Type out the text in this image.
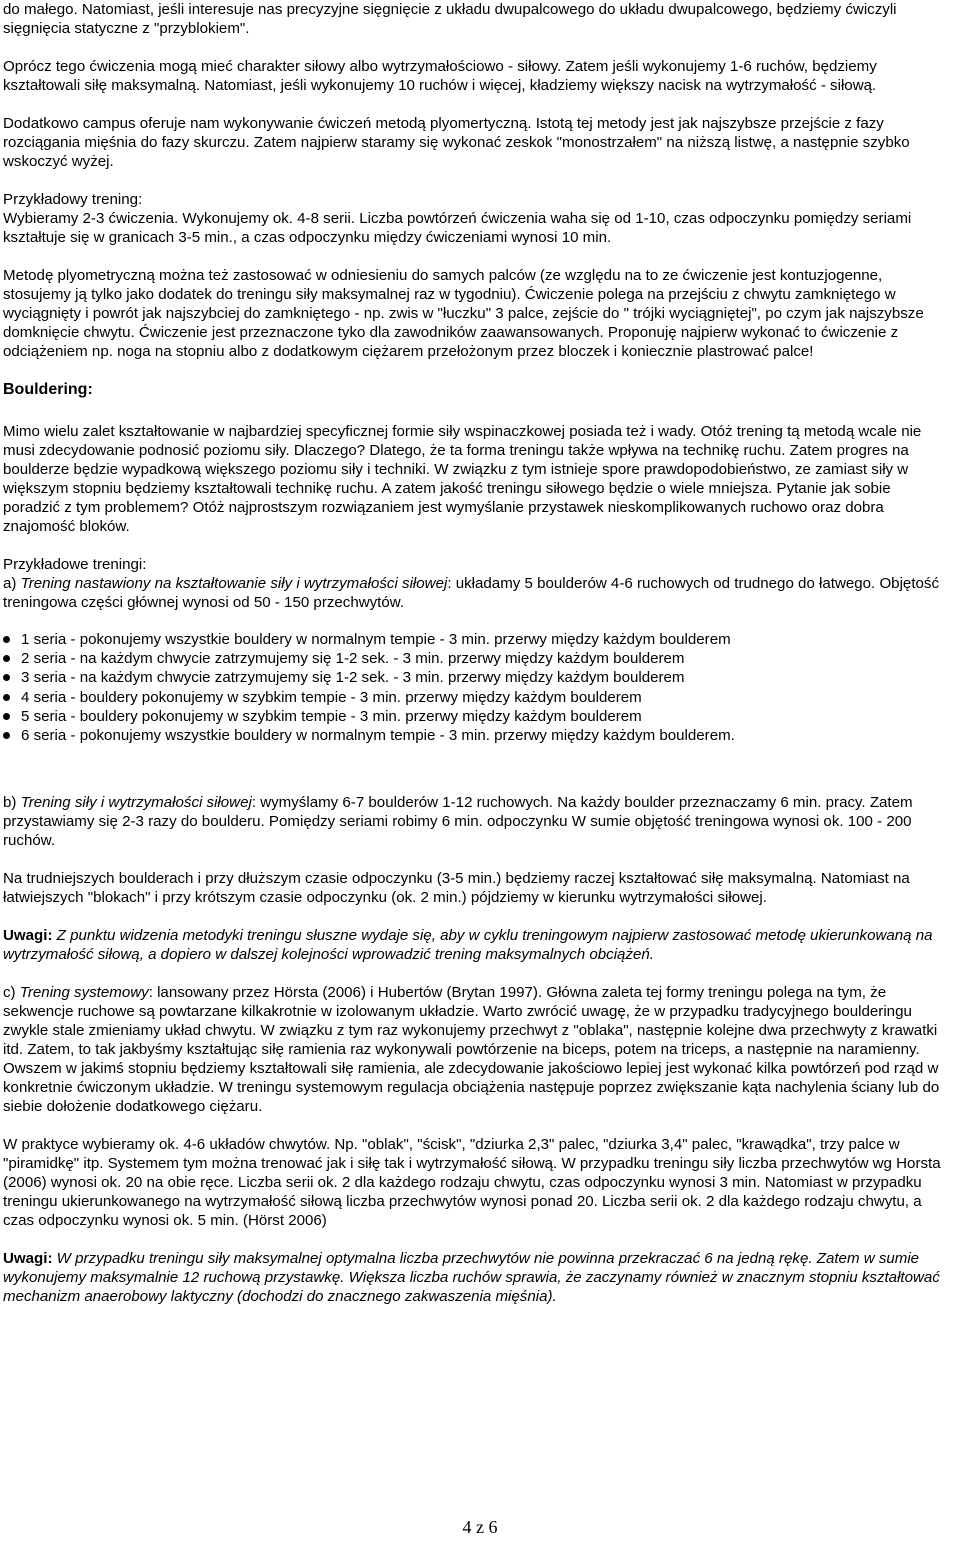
do małego. Natomiast, jeśli interesuje nas precyzyjne sięgnięcie z układu dwupalcowego do układu dwupalcowego, będziemy ćwiczyli sięgnięcia statyczne z "przyblokiem".

Oprócz tego ćwiczenia mogą mieć charakter siłowy albo wytrzymałościowo - siłowy. Zatem jeśli wykonujemy 1-6 ruchów, będziemy kształtowali siłę maksymalną. Natomiast, jeśli wykonujemy 10 ruchów i więcej, kładziemy większy nacisk na wytrzymałość - siłową.

Dodatkowo campus oferuje nam wykonywanie ćwiczeń metodą plyomertyczną. Istotą tej metody jest jak najszybsze przejście z fazy rozciągania mięśnia do fazy skurczu. Zatem najpierw staramy się wykonać zeskok "monostrzałem" na niższą listwę, a następnie szybko wskoczyć wyżej.

Przykładowy trening:

Wybieramy 2-3 ćwiczenia. Wykonujemy ok. 4-8 serii. Liczba powtórzeń ćwiczenia waha się od 1-10, czas odpoczynku pomiędzy seriami kształtuje się w granicach 3-5 min., a czas odpoczynku między ćwiczeniami wynosi 10 min.

Metodę plyometryczną można też zastosować w odniesieniu do samych palców (ze względu na to ze ćwiczenie jest kontuzjogenne, stosujemy ją tylko jako dodatek do treningu siły maksymalnej raz w tygodniu). Ćwiczenie polega na przejściu z chwytu zamkniętego w wyciągnięty i powrót jak najszybciej do zamkniętego - np. zwis w "łuczku" 3 palce, zejście do " trójki wyciągniętej", po czym jak najszybsze domknięcie chwytu. Ćwiczenie jest przeznaczone tyko dla zawodników zaawansowanych. Proponuję najpierw wykonać to ćwiczenie z odciążeniem np. noga na stopniu albo z dodatkowym ciężarem przełożonym przez bloczek i koniecznie plastrować palce!

Bouldering:

Mimo wielu zalet kształtowanie w najbardziej specyficznej formie siły wspinaczkowej posiada też i wady. Otóż trening tą metodą wcale nie musi zdecydowanie podnosić poziomu siły. Dlaczego? Dlatego, że ta forma treningu także wpływa na technikę ruchu. Zatem progres na boulderze będzie wypadkową większego poziomu siły i techniki. W związku z tym istnieje spore prawdopodobieństwo, ze zamiast siły w większym stopniu będziemy kształtowali technikę ruchu. A zatem jakość treningu siłowego będzie o wiele mniejsza. Pytanie jak sobie poradzić z tym problemem? Otóż najprostszym rozwiązaniem jest wymyślanie przystawek nieskomplikowanych ruchowo oraz dobra znajomość bloków.

Przykładowe treningi:

a) Trening nastawiony na kształtowanie siły i wytrzymałości siłowej: układamy 5 boulderów 4-6 ruchowych od trudnego do łatwego. Objętość treningowa części głównej wynosi od 50 - 150 przechwytów.

1 seria - pokonujemy wszystkie bouldery w normalnym tempie - 3 min. przerwy między każdym boulderem
2 seria - na każdym chwycie zatrzymujemy się 1-2 sek. - 3 min. przerwy między każdym boulderem
3 seria - na każdym chwycie zatrzymujemy się 1-2 sek. - 3 min. przerwy między każdym boulderem
4 seria - bouldery pokonujemy w szybkim tempie - 3 min. przerwy między każdym boulderem
5 seria - bouldery pokonujemy w szybkim tempie - 3 min. przerwy między każdym boulderem
6 seria - pokonujemy wszystkie bouldery w normalnym tempie - 3 min. przerwy między każdym boulderem.

b) Trening siły i wytrzymałości siłowej: wymyślamy 6-7 boulderów 1-12 ruchowych. Na każdy boulder przeznaczamy 6 min. pracy. Zatem przystawiamy się 2-3 razy do boulderu. Pomiędzy seriami robimy 6 min. odpoczynku W sumie objętość treningowa wynosi ok. 100 - 200 ruchów.

Na trudniejszych boulderach i przy dłuższym czasie odpoczynku (3-5 min.) będziemy raczej kształtować siłę maksymalną. Natomiast na łatwiejszych "blokach" i przy krótszym czasie odpoczynku (ok. 2 min.) pójdziemy w kierunku wytrzymałości siłowej.

Uwagi: Z punktu widzenia metodyki treningu słuszne wydaje się, aby w cyklu treningowym najpierw zastosować metodę ukierunkowaną na wytrzymałość siłową, a dopiero w dalszej kolejności wprowadzić trening maksymalnych obciążeń.

c) Trening systemowy: lansowany przez Hörsta (2006) i Hubertów (Brytan 1997). Główna zaleta tej formy treningu polega na tym, że sekwencje ruchowe są powtarzane kilkakrotnie w izolowanym układzie. Warto zwrócić uwagę, że w przypadku tradycyjnego boulderingu zwykle stale zmieniamy układ chwytu. W związku z tym raz wykonujemy przechwyt z "oblaka", następnie kolejne dwa przechwyty z krawatki itd. Zatem, to tak jakbyśmy kształtując siłę ramienia raz wykonywali powtórzenie na biceps, potem na triceps, a następnie na naramienny. Owszem w jakimś stopniu będziemy kształtowali siłę ramienia, ale zdecydowanie jakościowo lepiej jest wykonać kilka powtórzeń pod rząd w konkretnie ćwiczonym układzie. W treningu systemowym regulacja obciążenia następuje poprzez zwiększanie kąta nachylenia ściany lub do siebie dołożenie dodatkowego ciężaru.

W praktyce wybieramy ok. 4-6 układów chwytów. Np. "oblak", "ścisk", "dziurka 2,3" palec, "dziurka 3,4" palec, "krawądka", trzy palce w "piramidkę" itp. Systemem tym można trenować jak i siłę tak i wytrzymałość siłową. W przypadku treningu siły liczba przechwytów wg Horsta (2006) wynosi ok. 20 na obie ręce. Liczba serii ok. 2 dla każdego rodzaju chwytu, czas odpoczynku wynosi 3 min. Natomiast w przypadku treningu ukierunkowanego na wytrzymałość siłową liczba przechwytów wynosi ponad 20. Liczba serii ok. 2 dla każdego rodzaju chwytu, a czas odpoczynku wynosi ok. 5 min. (Hörst 2006)

Uwagi: W przypadku treningu siły maksymalnej optymalna liczba przechwytów nie powinna przekraczać 6 na jedną rękę. Zatem w sumie wykonujemy maksymalnie 12 ruchową przystawkę. Większa liczba ruchów sprawia, że zaczynamy również w znacznym stopniu kształtować mechanizm anaerobowy laktyczny (dochodzi do znacznego zakwaszenia mięśnia).

4 z 6
